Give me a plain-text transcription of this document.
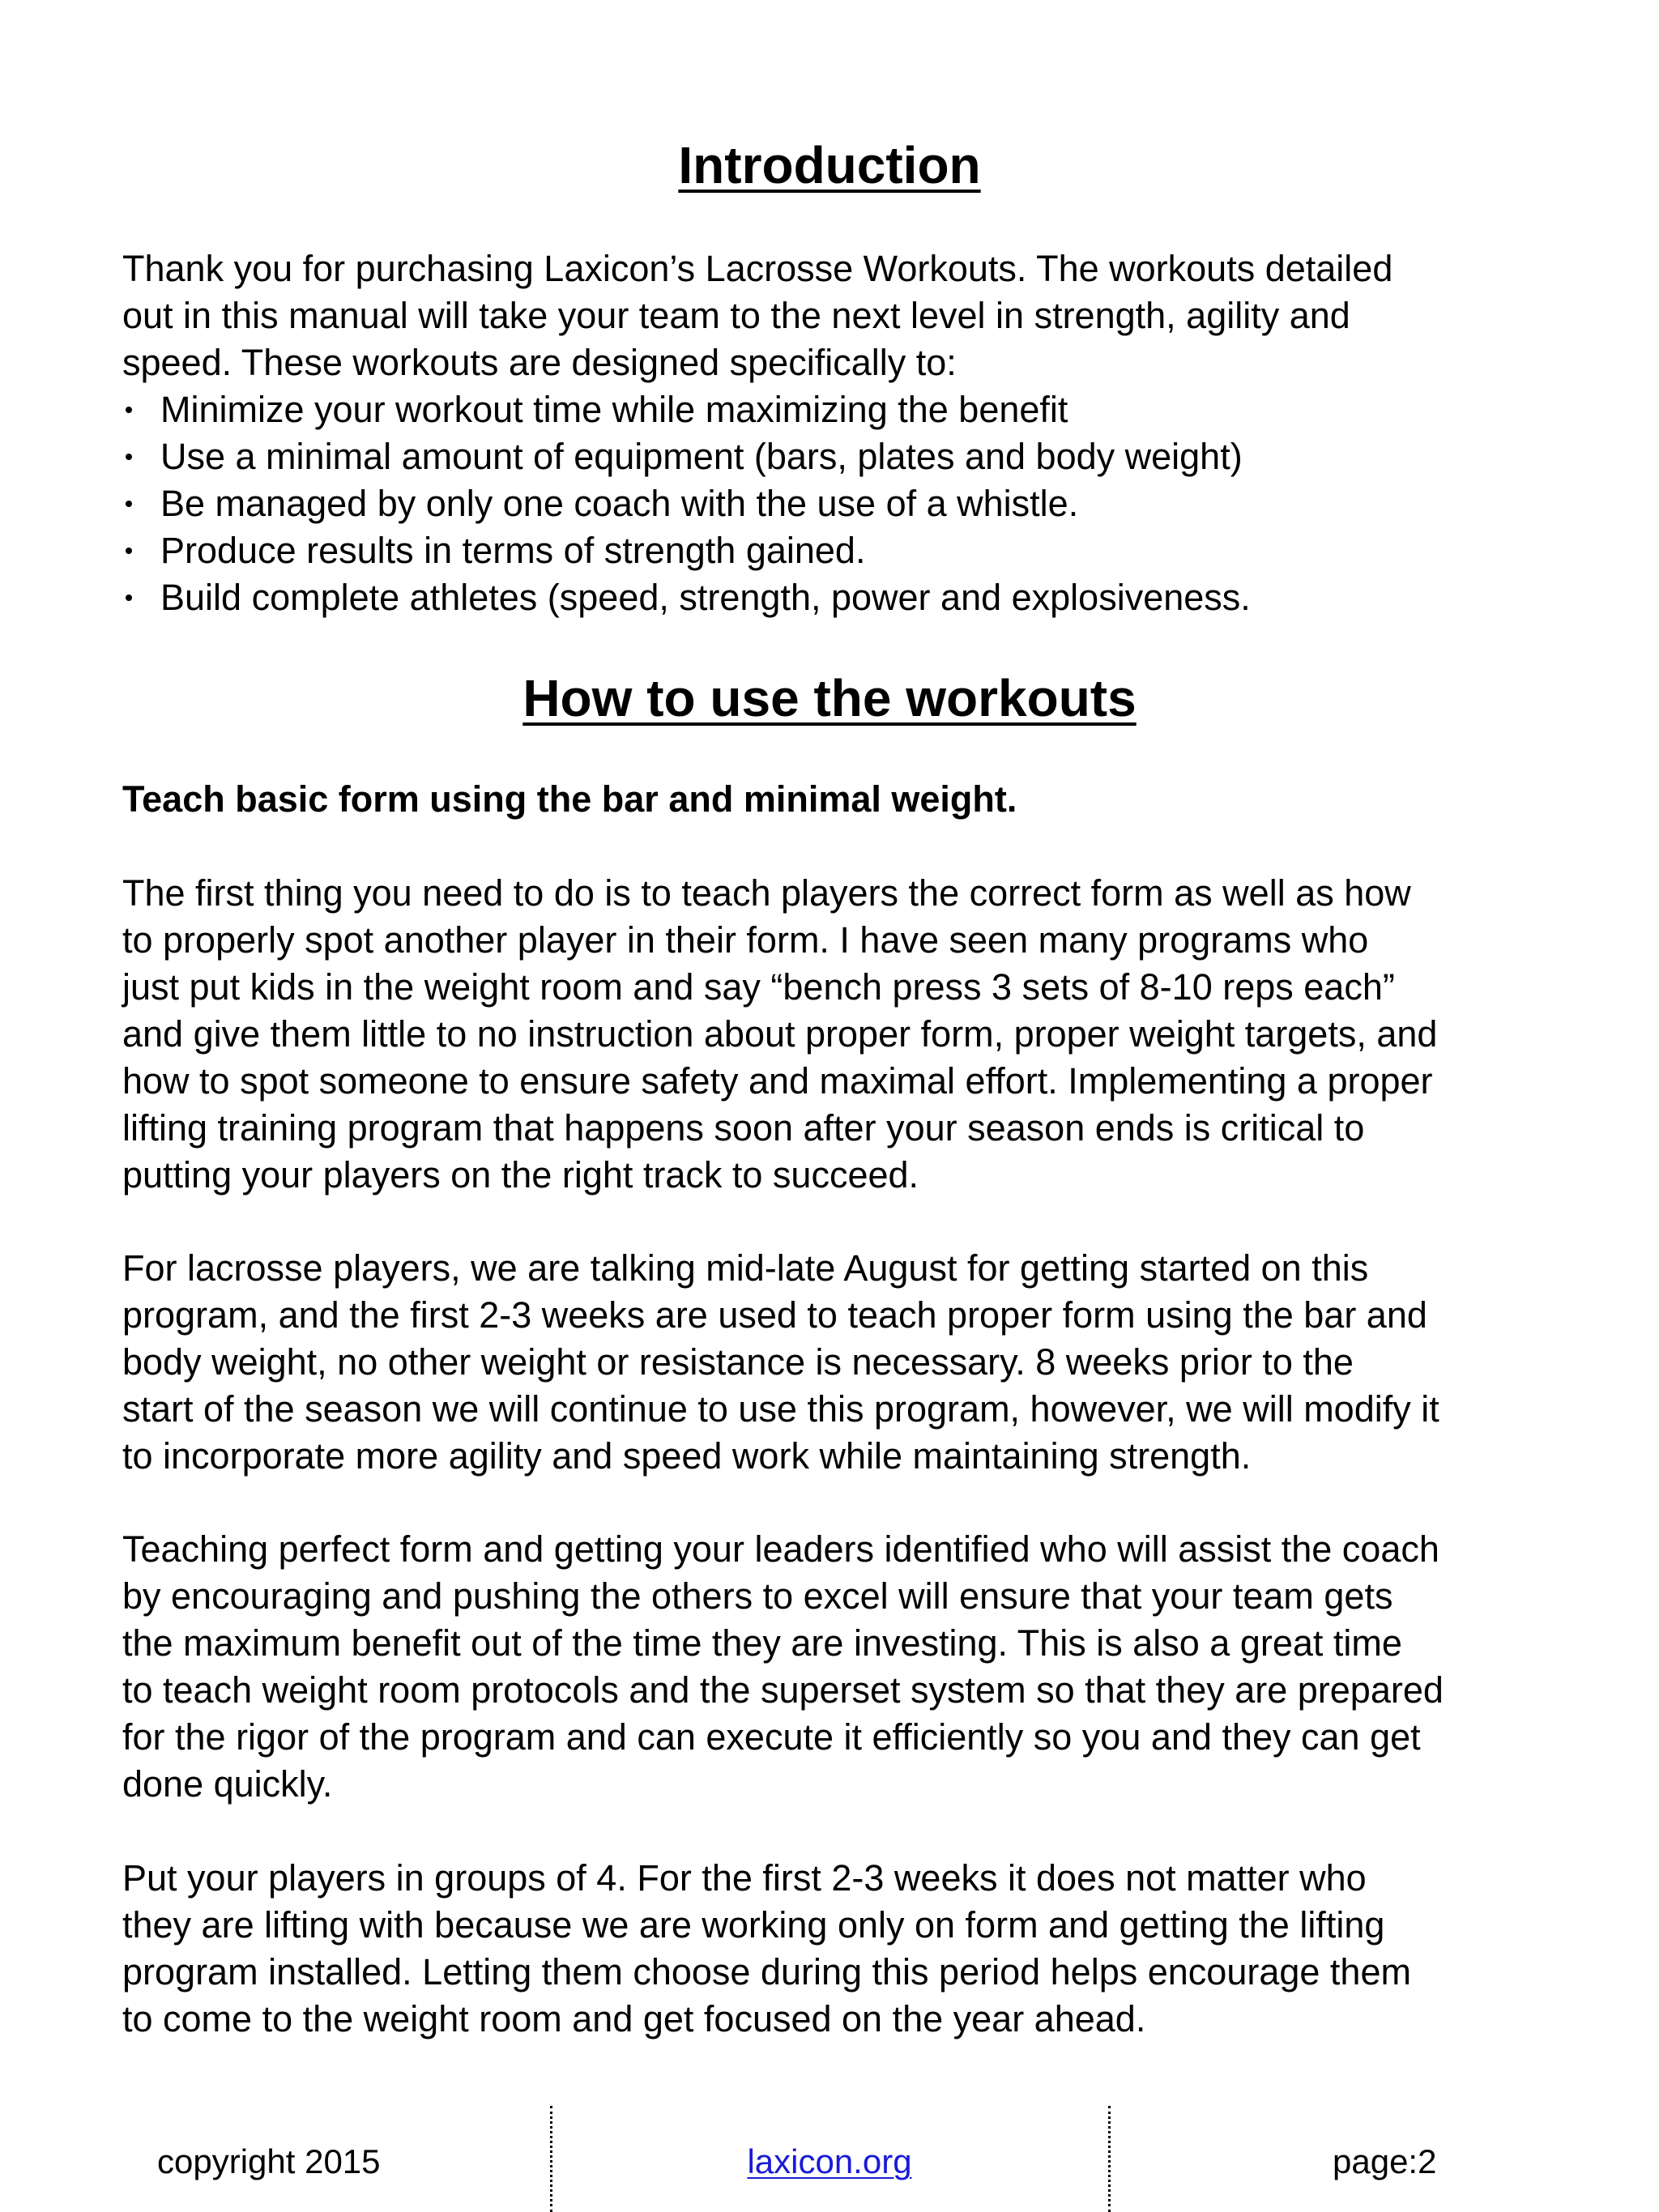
Introduction
Thank you for purchasing Laxicon’s Lacrosse Workouts. The workouts detailed
out in this manual will take your team to the next level in strength, agility and
speed. These workouts are designed specifically to:
Minimize your workout time while maximizing the benefit
Use a minimal amount of equipment (bars, plates and body weight)
Be managed by only one coach with the use of a whistle.
Produce results in terms of strength gained.
Build complete athletes (speed, strength, power and explosiveness.
How to use the workouts
Teach basic form using the bar and minimal weight.
The first thing you need to do is to teach players the correct form as well as how
to properly spot another player in their form. I have seen many programs who
just put kids in the weight room and say “bench press 3 sets of 8-10 reps each”
and give them little to no instruction about proper form, proper weight targets, and
how to spot someone to ensure safety and maximal effort. Implementing a proper
lifting training program that happens soon after your season ends is critical to
putting your players on the right track to succeed.
For lacrosse players, we are talking mid-late August for getting started on this
program, and the first 2-3 weeks are used to teach proper form using the bar and
body weight, no other weight or resistance is necessary. 8 weeks prior to the
start of the season we will continue to use this program, however, we will modify it
to incorporate more agility and speed work while maintaining strength.
Teaching perfect form and getting your leaders identified who will assist the coach
by encouraging and pushing the others to excel will ensure that your team gets
the maximum benefit out of the time they are investing. This is also a great time
to teach weight room protocols and the superset system so that they are prepared
for the rigor of the program and can execute it efficiently so you and they can get
done quickly.
Put your players in groups of 4. For the first 2-3 weeks it does not matter who
they are lifting with because we are working only on form and getting the lifting
program installed. Letting them choose during this period helps encourage them
to come to the weight room and get focused on the year ahead.
copyright 2015	laxicon.org	page:2
